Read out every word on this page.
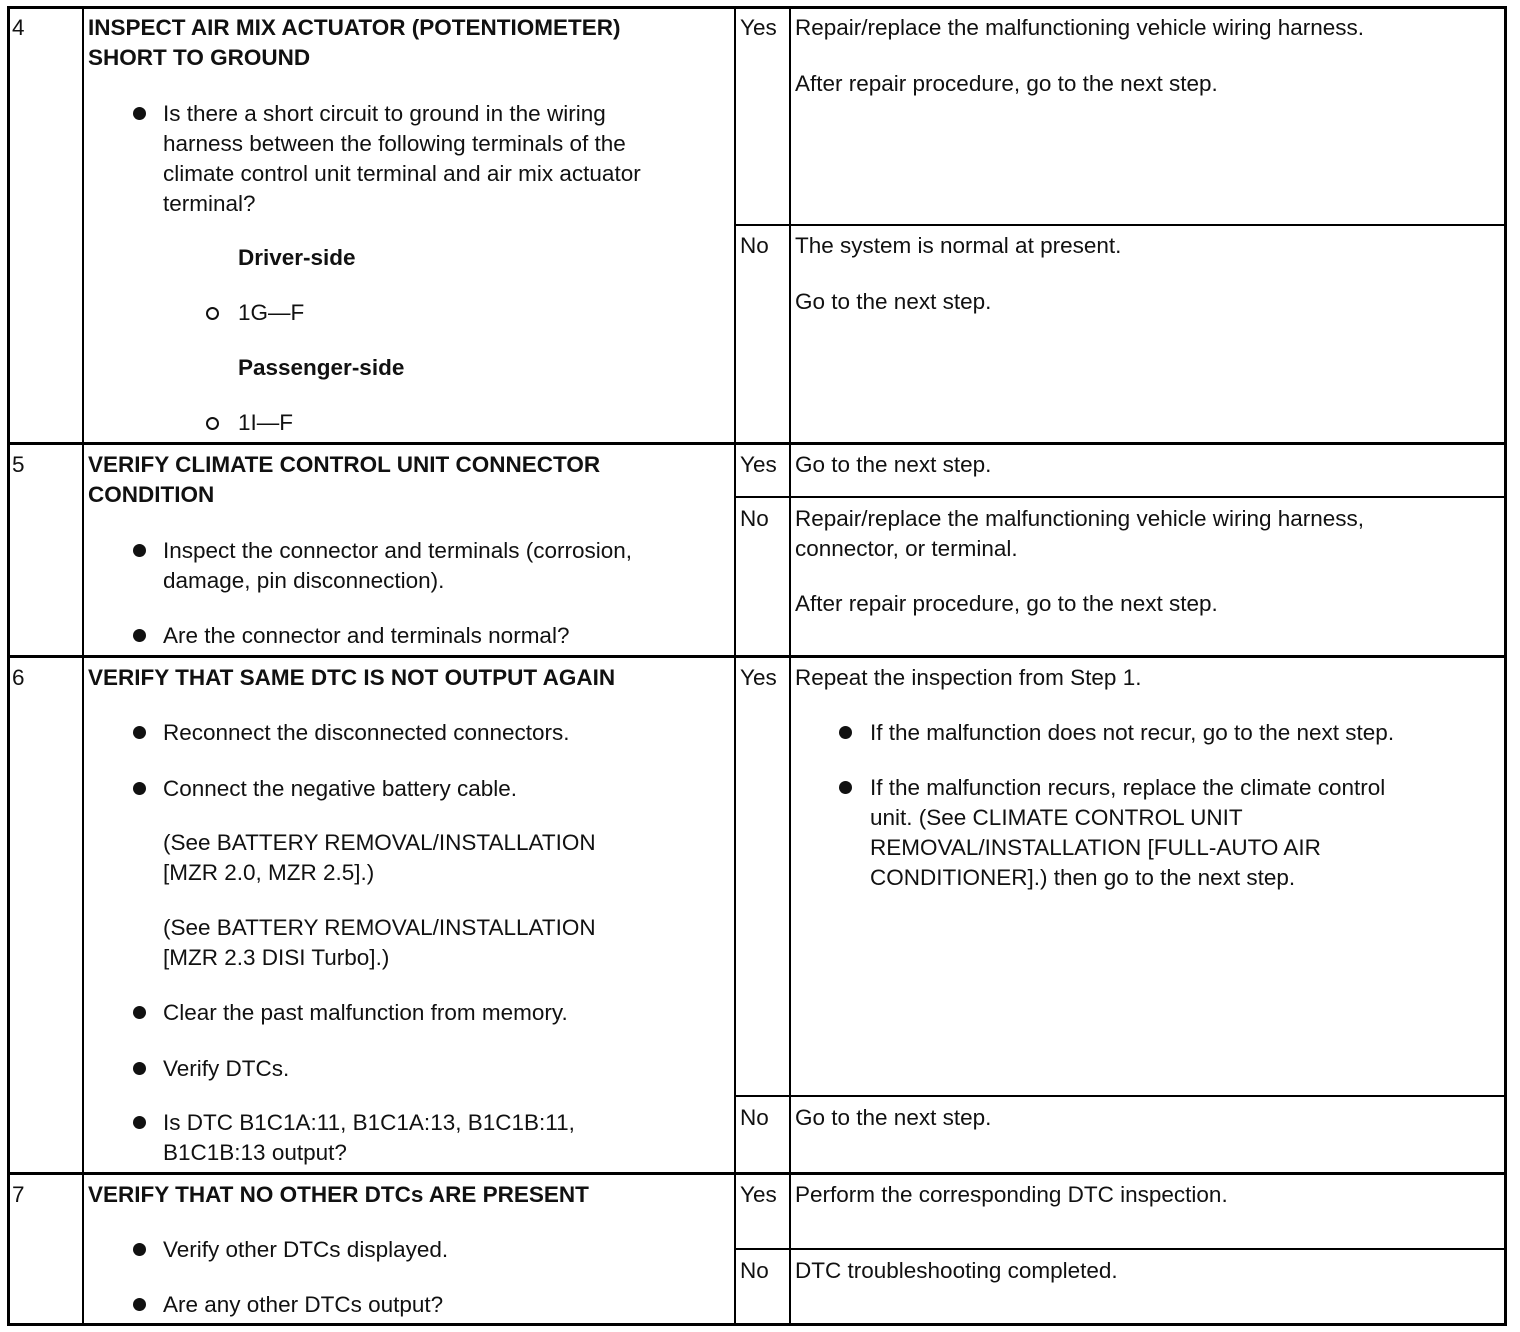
4	INSPECT AIR MIX ACTUATOR (POTENTIOMETER)
SHORT TO GROUND
Is there a short circuit to ground in the wiring
harness between the following terminals of the
climate control unit terminal and air mix actuator
terminal?
Driver-side
1G—F
Passenger-side
1I—F
Yes Repair/replace the malfunctioning vehicle wiring harness.
After repair procedure, go to the next step.
No The system is normal at present.
Go to the next step.
5	VERIFY CLIMATE CONTROL UNIT CONNECTOR
CONDITION
Inspect the connector and terminals (corrosion,
damage, pin disconnection).
Are the connector and terminals normal?
Yes Go to the next step.
No Repair/replace the malfunctioning vehicle wiring harness,
connector, or terminal.
After repair procedure, go to the next step.
6	VERIFY THAT SAME DTC IS NOT OUTPUT AGAIN
Reconnect the disconnected connectors.
Connect the negative battery cable.
(See BATTERY REMOVAL/INSTALLATION
[MZR 2.0, MZR 2.5].)
(See BATTERY REMOVAL/INSTALLATION
[MZR 2.3 DISI Turbo].)
Clear the past malfunction from memory.
Verify DTCs.
Is DTC B1C1A:11, B1C1A:13, B1C1B:11,
B1C1B:13 output?
Yes Repeat the inspection from Step 1.
If the malfunction does not recur, go to the next step.
If the malfunction recurs, replace the climate control
unit. (See CLIMATE CONTROL UNIT
REMOVAL/INSTALLATION [FULL-AUTO AIR
CONDITIONER].) then go to the next step.
No Go to the next step.
7	VERIFY THAT NO OTHER DTCs ARE PRESENT
Verify other DTCs displayed.
Are any other DTCs output?
Yes Perform the corresponding DTC inspection.
No DTC troubleshooting completed.
